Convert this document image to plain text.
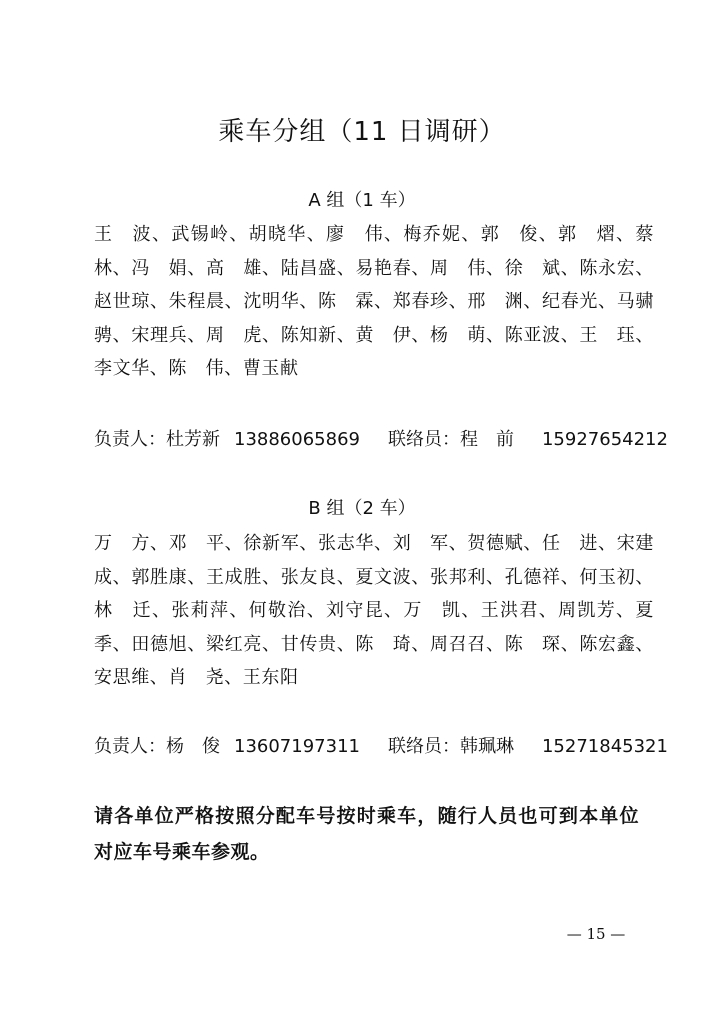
乘车分组（11 日调研）
A 组（1 车）

王　波、武锡岭、胡晓华、廖　伟、梅乔妮、郭　俊、郭　熠、蔡　林、冯　娟、高　雄、陆昌盛、易艳春、周　伟、徐　斌、陈永宏、赵世琼、朱程晨、沈明华、陈　霖、郑春珍、邢　渊、纪春光、马骕骋、宋理兵、周　虎、陈知新、黄　伊、杨　萌、陈亚波、王　珏、李文华、陈　伟、曹玉献

负责人：杜芳新 13886065869 联络员：程　前 15927654212
B 组（2 车）

万　方、邓　平、徐新军、张志华、刘　军、贺德赋、任　进、宋建成、郭胜康、王成胜、张友良、夏文波、张邦利、孔德祥、何玉初、林　迁、张莉萍、何敬治、刘守昆、万　凯、王洪君、周凯芳、夏　季、田德旭、梁红亮、甘传贵、陈　琦、周召召、陈　琛、陈宏鑫、安思维、肖　尧、王东阳

负责人：杨　俊 13607197311 联络员：韩珮琳 15271845321

请各单位严格按照分配车号按时乘车，随行人员也可到本单位对应车号乘车参观。

— 15 —
